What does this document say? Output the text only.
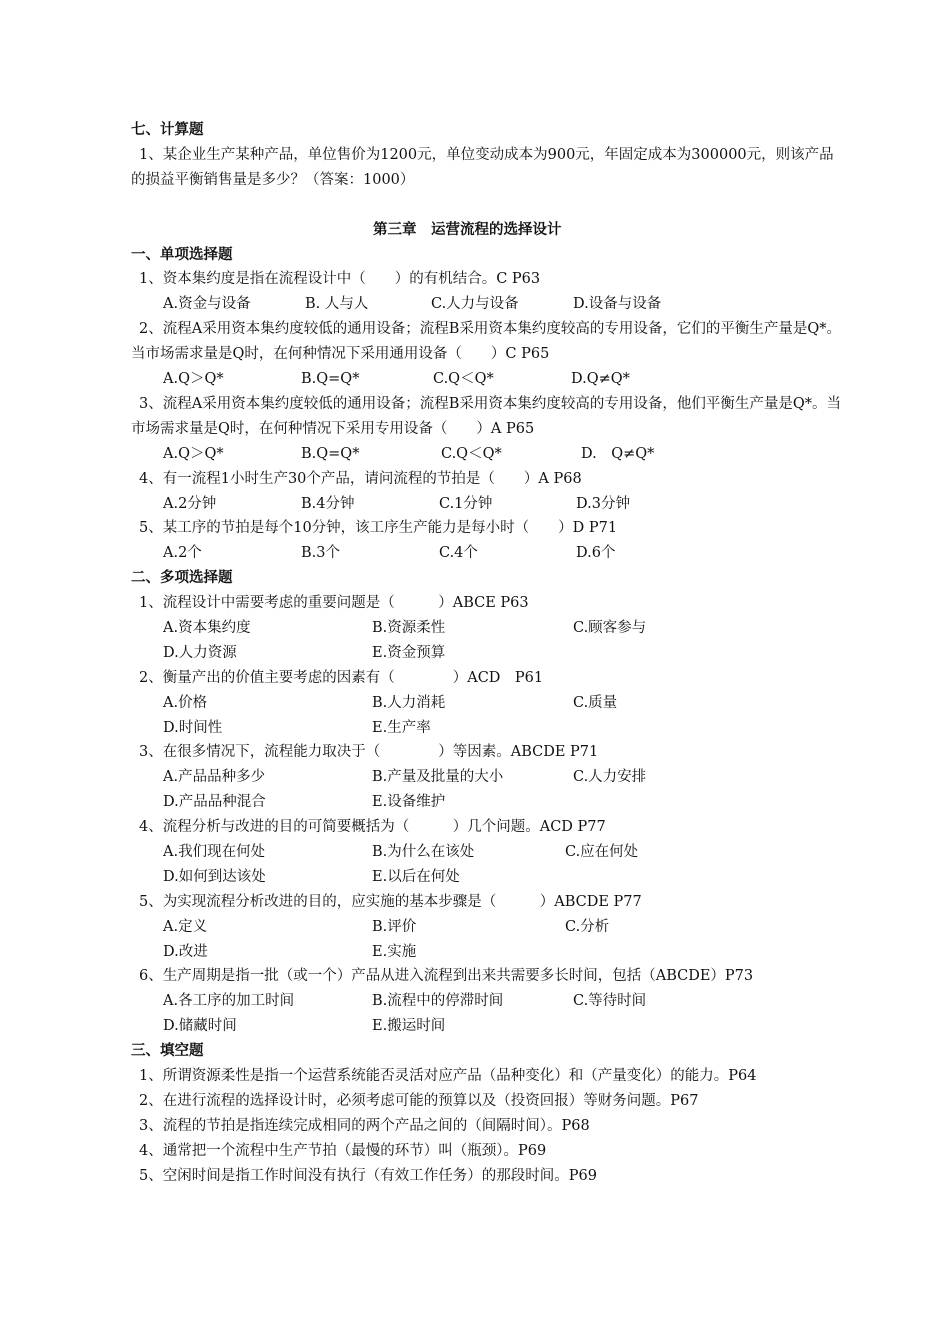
七、计算题
1、某企业生产某种产品，单位售价为1200元，单位变动成本为900元，年固定成本为300000元，则该产品的损益平衡销售量是多少？（答案：1000）
第三章　运营流程的选择设计
一、单项选择题
1、资本集约度是指在流程设计中（　　）的有机结合。C P63
A.资金与设备	B. 人与人	C.人力与设备	D.设备与设备
2、流程A采用资本集约度较低的通用设备；流程B采用资本集约度较高的专用设备，它们的平衡生产量是Q*。当市场需求量是Q时，在何种情况下采用通用设备（　　）C P65
A.Q＞Q*	B.Q=Q*	C.Q＜Q*	D.Q≠Q*
3、流程A采用资本集约度较低的通用设备；流程B采用资本集约度较高的专用设备，他们平衡生产量是Q*。当市场需求量是Q时，在何种情况下采用专用设备（　　）A P65
A.Q＞Q*	B.Q=Q*	C.Q＜Q*	D.　Q≠Q*
4、有一流程1小时生产30个产品，请问流程的节拍是（　　）A P68
A.2分钟	B.4分钟	C.1分钟	D.3分钟
5、某工序的节拍是每个10分钟，该工序生产能力是每小时（　　）D P71
A.2个	B.3个	C.4个	D.6个
二、多项选择题
1、流程设计中需要考虑的重要问题是（　　　）ABCE P63
A.资本集约度	B.资源柔性	C.顾客参与
D.人力资源	E.资金预算
2、衡量产出的价值主要考虑的因素有（　　　　）ACD　P61
A.价格	B.人力消耗	C.质量
D.时间性	E.生产率
3、在很多情况下，流程能力取决于（　　　　）等因素。ABCDE P71
A.产品品种多少	B.产量及批量的大小	C.人力安排
D.产品品种混合	E.设备维护
4、流程分析与改进的目的可简要概括为（　　　）几个问题。ACD P77
A.我们现在何处	B.为什么在该处	C.应在何处
D.如何到达该处	E.以后在何处
5、为实现流程分析改进的目的，应实施的基本步骤是（　　　）ABCDE P77
A.定义	B.评价	C.分析
D.改进	E.实施
6、生产周期是指一批（或一个）产品从进入流程到出来共需要多长时间，包括（ABCDE）P73
A.各工序的加工时间	B.流程中的停滞时间	C.等待时间
D.储藏时间	E.搬运时间
三、填空题
1、所谓资源柔性是指一个运营系统能否灵活对应产品（品种变化）和（产量变化）的能力。P64
2、在进行流程的选择设计时，必须考虑可能的预算以及（投资回报）等财务问题。P67
3、流程的节拍是指连续完成相同的两个产品之间的（间隔时间）。P68
4、通常把一个流程中生产节拍（最慢的环节）叫（瓶颈）。P69
5、空闲时间是指工作时间没有执行（有效工作任务）的那段时间。P69
